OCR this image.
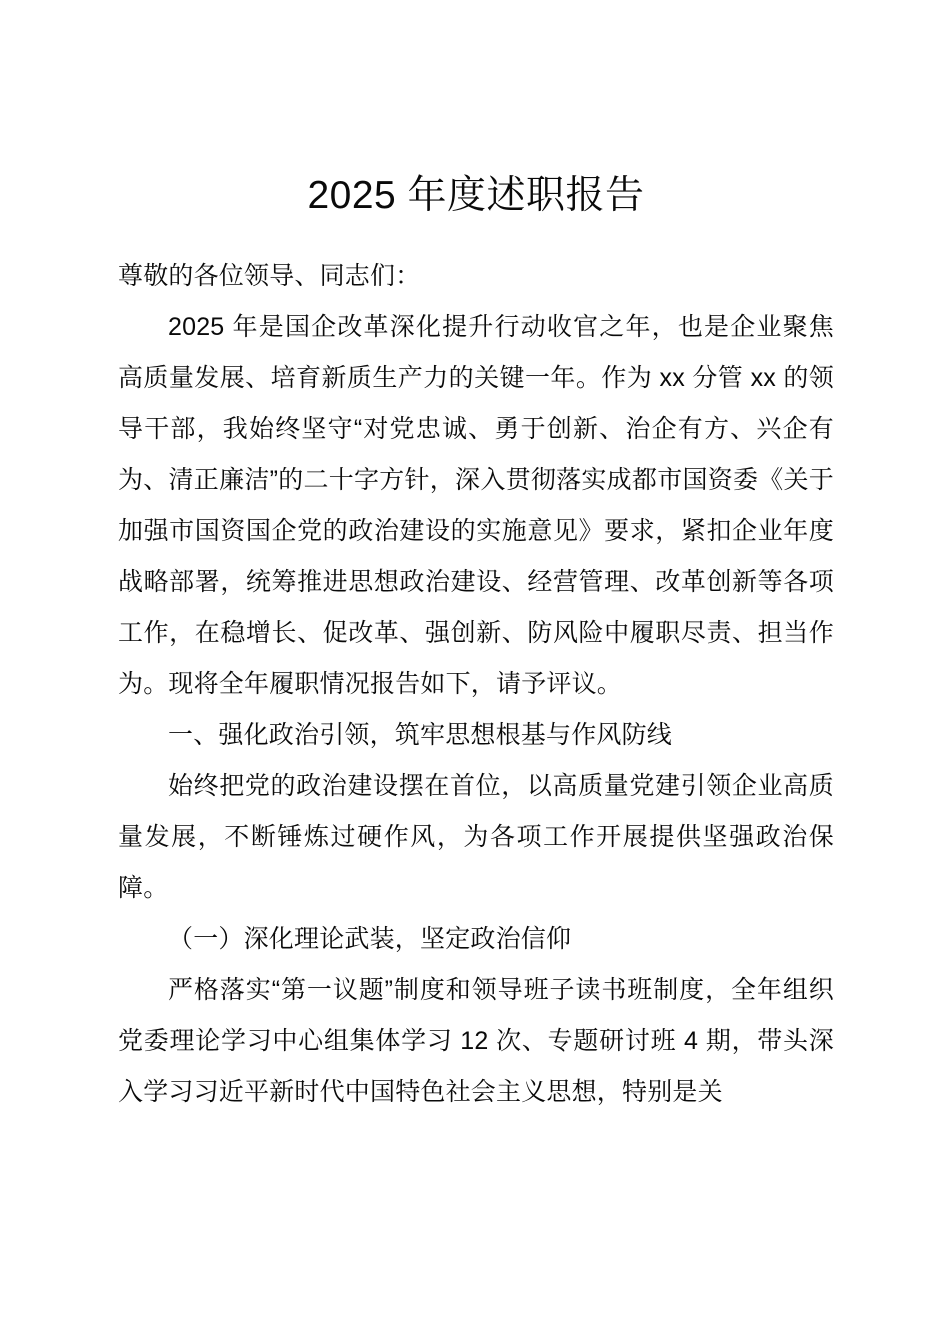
2025 年度述职报告

尊敬的各位领导、同志们：

2025 年是国企改革深化提升行动收官之年，也是企业聚焦高质量发展、培育新质生产力的关键一年。作为 xx 分管 xx 的领导干部，我始终坚守“对党忠诚、勇于创新、治企有方、兴企有为、清正廉洁”的二十字方针，深入贯彻落实成都市国资委《关于加强市国资国企党的政治建设的实施意见》要求，紧扣企业年度战略部署，统筹推进思想政治建设、经营管理、改革创新等各项工作，在稳增长、促改革、强创新、防风险中履职尽责、担当作为。现将全年履职情况报告如下，请予评议。

一、强化政治引领，筑牢思想根基与作风防线

始终把党的政治建设摆在首位，以高质量党建引领企业高质量发展，不断锤炼过硬作风，为各项工作开展提供坚强政治保障。

（一）深化理论武装，坚定政治信仰

严格落实“第一议题”制度和领导班子读书班制度，全年组织党委理论学习中心组集体学习 12 次、专题研讨班 4 期，带头深入学习习近平新时代中国特色社会主义思想，特别是关
